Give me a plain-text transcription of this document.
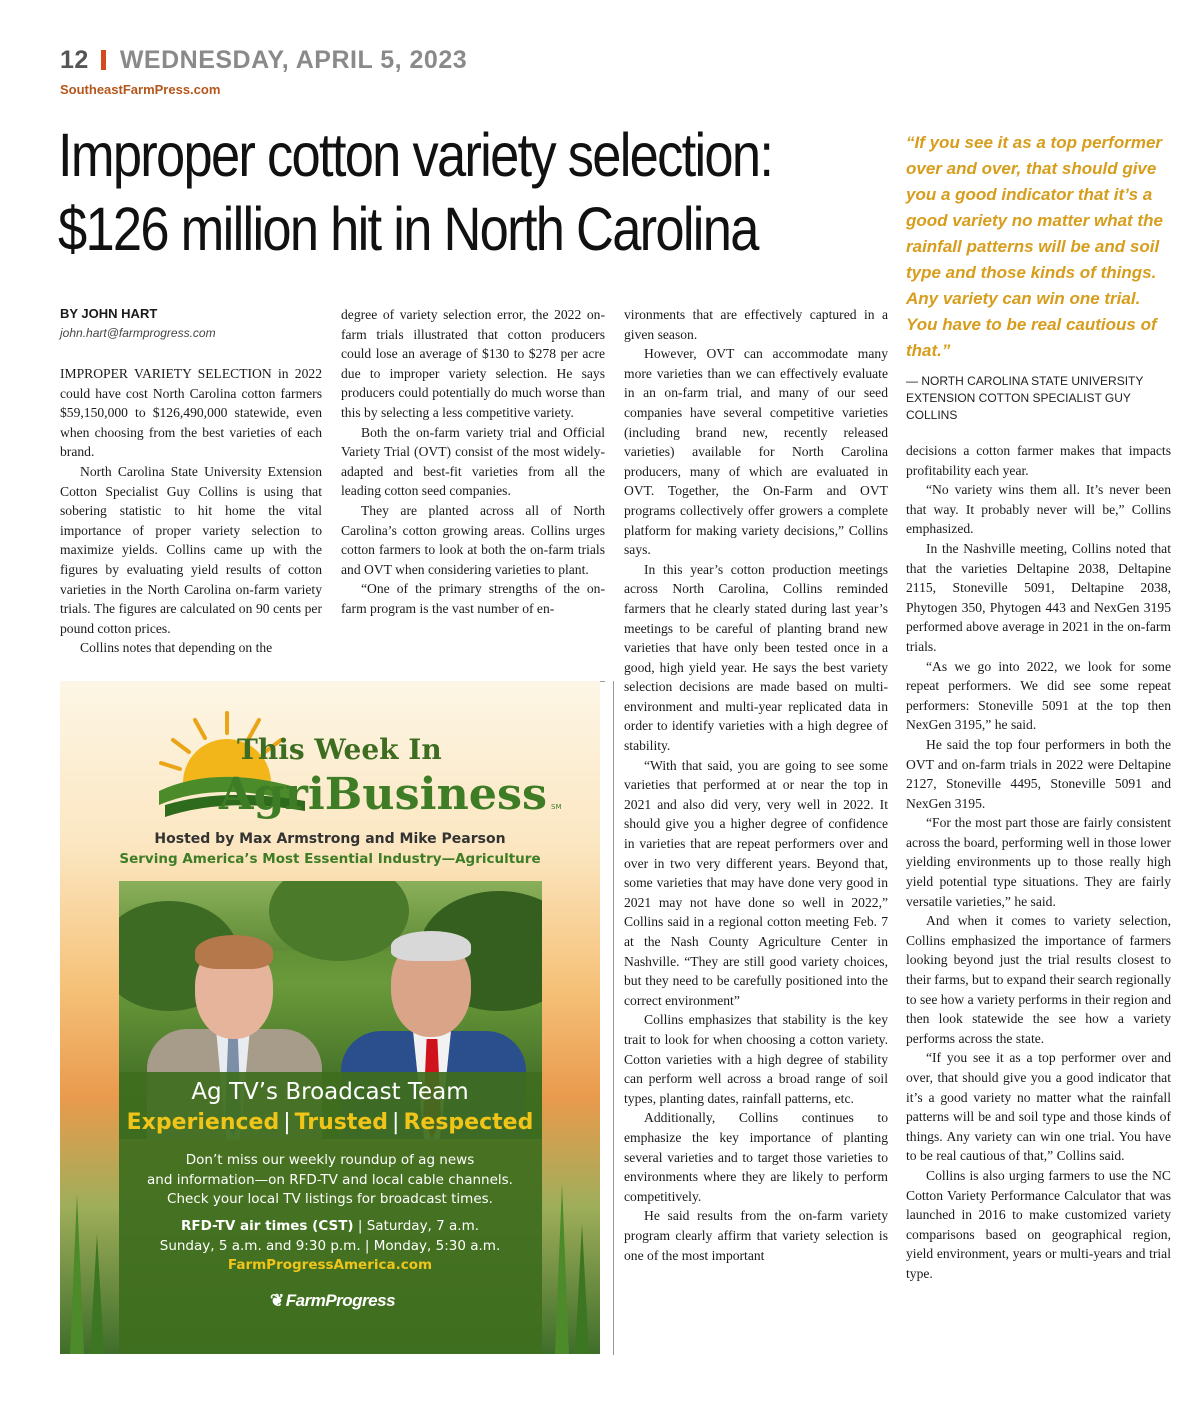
12 WEDNESDAY, APRIL 5, 2023
SoutheastFarmPress.com
Improper cotton variety selection:
$126 million hit in North Carolina
“If you see it as a top performer over and over, that should give you a good indicator that it’s a good variety no matter what the rainfall patterns will be and soil type and those kinds of things. Any variety can win one trial. You have to be real cautious of that.”
— NORTH CAROLINA STATE UNIVERSITY EXTENSION COTTON SPECIALIST GUY COLLINS
BY JOHN HART
john.hart@farmprogress.com

IMPROPER VARIETY SELECTION in 2022 could have cost North Carolina cotton farmers $59,150,000 to $126,490,000 statewide, even when choosing from the best varieties of each brand.

North Carolina State University Extension Cotton Specialist Guy Collins is using that sobering statistic to hit home the vital importance of proper variety selection to maximize yields. Collins came up with the figures by evaluating yield results of cotton varieties in the North Carolina on-farm variety trials. The figures are calculated on 90 cents per pound cotton prices.

Collins notes that depending on the

degree of variety selection error, the 2022 on-farm trials illustrated that cotton producers could lose an average of $130 to $278 per acre due to improper variety selection. He says producers could potentially do much worse than this by selecting a less competitive variety.

Both the on-farm variety trial and Official Variety Trial (OVT) consist of the most widely-adapted and best-fit varieties from all the leading cotton seed companies.

They are planted across all of North Carolina’s cotton growing areas. Collins urges cotton farmers to look at both the on-farm trials and OVT when considering varieties to plant.

“One of the primary strengths of the on-farm program is the vast number of en-

vironments that are effectively captured in a given season.

However, OVT can accommodate many more varieties than we can effectively evaluate in an on-farm trial, and many of our seed companies have several competitive varieties (including brand new, recently released varieties) available for North Carolina producers, many of which are evaluated in OVT. Together, the On-Farm and OVT programs collectively offer growers a complete platform for making variety decisions,” Collins says.

In this year’s cotton production meetings across North Carolina, Collins reminded farmers that he clearly stated during last year’s meetings to be careful of planting brand new varieties that have only been tested once in a good, high yield year. He says the best variety selection decisions are made based on multi-environment and multi-year replicated data in order to identify varieties with a high degree of stability.

“With that said, you are going to see some varieties that performed at or near the top in 2021 and also did very, very well in 2022. It should give you a higher degree of confidence in varieties that are repeat performers over and over in two very different years. Beyond that, some varieties that may have done very good in 2021 may not have done so well in 2022,” Collins said in a regional cotton meeting Feb. 7 at the Nash County Agriculture Center in Nashville. “They are still good variety choices, but they need to be carefully positioned into the correct environment”

Collins emphasizes that stability is the key trait to look for when choosing a cotton variety. Cotton varieties with a high degree of stability can perform well across a broad range of soil types, planting dates, rainfall patterns, etc.

Additionally, Collins continues to emphasize the key importance of planting several varieties and to target those varieties to environments where they are likely to perform competitively.

He said results from the on-farm variety program clearly affirm that variety selection is one of the most important

decisions a cotton farmer makes that impacts profitability each year.

“No variety wins them all. It’s never been that way. It probably never will be,” Collins emphasized.

In the Nashville meeting, Collins noted that that the varieties Deltapine 2038, Deltapine 2115, Stoneville 5091, Deltapine 2038, Phytogen 350, Phytogen 443 and NexGen 3195 performed above average in 2021 in the on-farm trials.

“As we go into 2022, we look for some repeat performers. We did see some repeat performers: Stoneville 5091 at the top then NexGen 3195,” he said.

He said the top four performers in both the OVT and on-farm trials in 2022 were Deltapine 2127, Stoneville 4495, Stoneville 5091 and NexGen 3195.

“For the most part those are fairly consistent across the board, performing well in those lower yielding environments up to those really high yield potential type situations. They are fairly versatile varieties,” he said.

And when it comes to variety selection, Collins emphasized the importance of farmers looking beyond just the trial results closest to their farms, but to expand their search regionally to see how a variety performs in their region and then look statewide the see how a variety performs across the state.

“If you see it as a top performer over and over, that should give you a good indicator that it’s a good variety no matter what the rainfall patterns will be and soil type and those kinds of things. Any variety can win one trial. You have to be real cautious of that,” Collins said.

Collins is also urging farmers to use the NC Cotton Variety Performance Calculator that was launched in 2016 to make customized variety comparisons based on geographical region, yield environment, years or multi-years and trial type.

This Week In
AgriBusiness SM
Hosted by Max Armstrong and Mike Pearson
Serving America’s Most Essential Industry—Agriculture
Ag TV’s Broadcast Team
Experienced | Trusted | Respected
Don’t miss our weekly roundup of ag news
and information—on RFD-TV and local cable channels.
Check your local TV listings for broadcast times.
RFD-TV air times (CST) | Saturday, 7 a.m.
Sunday, 5 a.m. and 9:30 p.m. | Monday, 5:30 a.m.
FarmProgressAmerica.com
❦ FarmProgress
